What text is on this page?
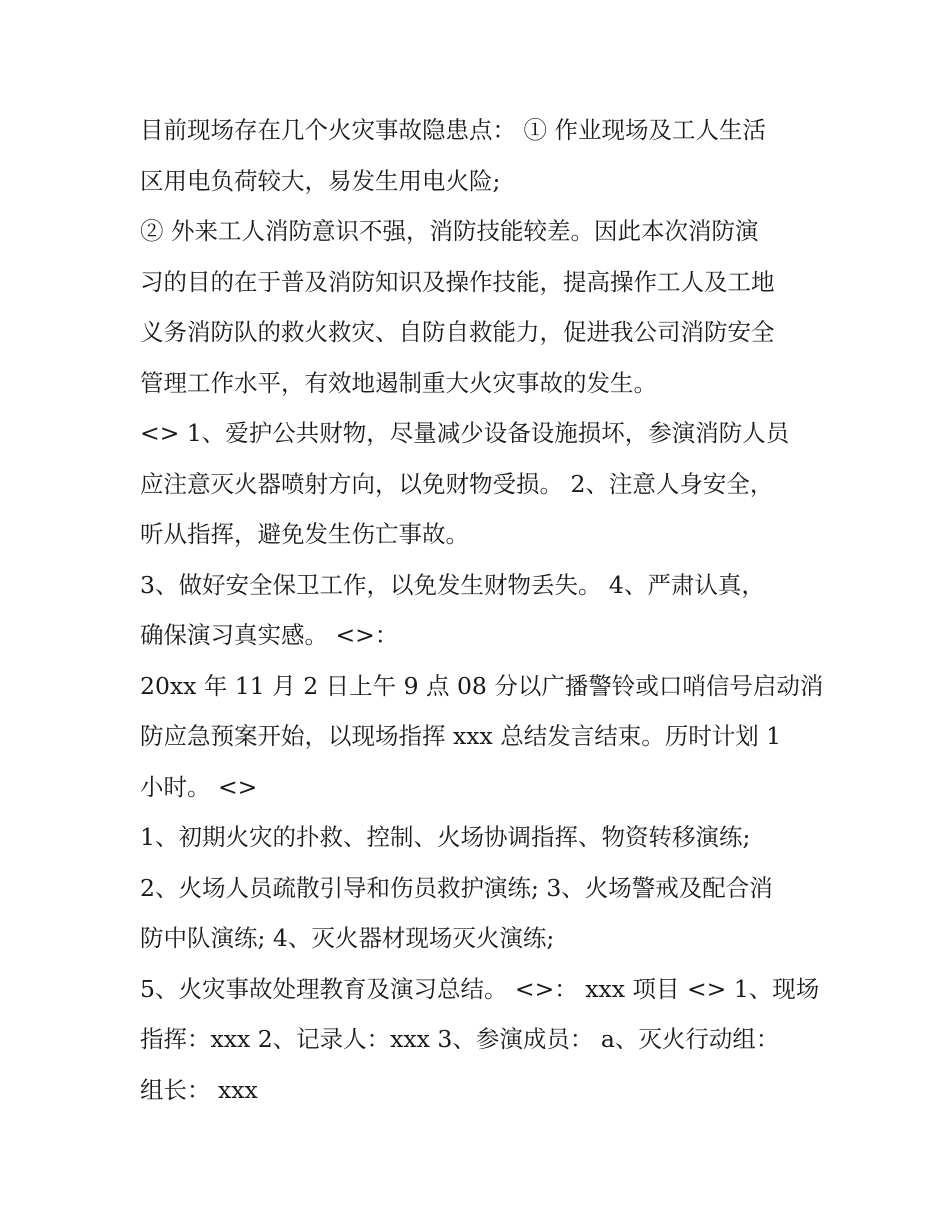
目前现场存在几个火灾事故隐患点： ① 作业现场及工人生活
区用电负荷较大，易发生用电火险;
② 外来工人消防意识不强，消防技能较差。因此本次消防演
习的目的在于普及消防知识及操作技能，提高操作工人及工地
义务消防队的救火救灾、自防自救能力，促进我公司消防安全
管理工作水平，有效地遏制重大火灾事故的发生。
<> 1、爱护公共财物，尽量减少设备设施损坏，参演消防人员
应注意灭火器喷射方向，以免财物受损。 2、注意人身安全，
听从指挥，避免发生伤亡事故。
3、做好安全保卫工作，以免发生财物丢失。 4、严肃认真，
确保演习真实感。 <>：
20xx 年 11 月 2 日上午 9 点 08 分以广播警铃或口哨信号启动消
防应急预案开始，以现场指挥 xxx 总结发言结束。历时计划 1
小时。 <>
1、初期火灾的扑救、控制、火场协调指挥、物资转移演练;
2、火场人员疏散引导和伤员救护演练; 3、火场警戒及配合消
防中队演练; 4、灭火器材现场灭火演练;
5、火灾事故处理教育及演习总结。 <>： xxx 项目 <> 1、现场
指挥：xxx 2、记录人：xxx 3、参演成员： a、灭火行动组：
组长： xxx
